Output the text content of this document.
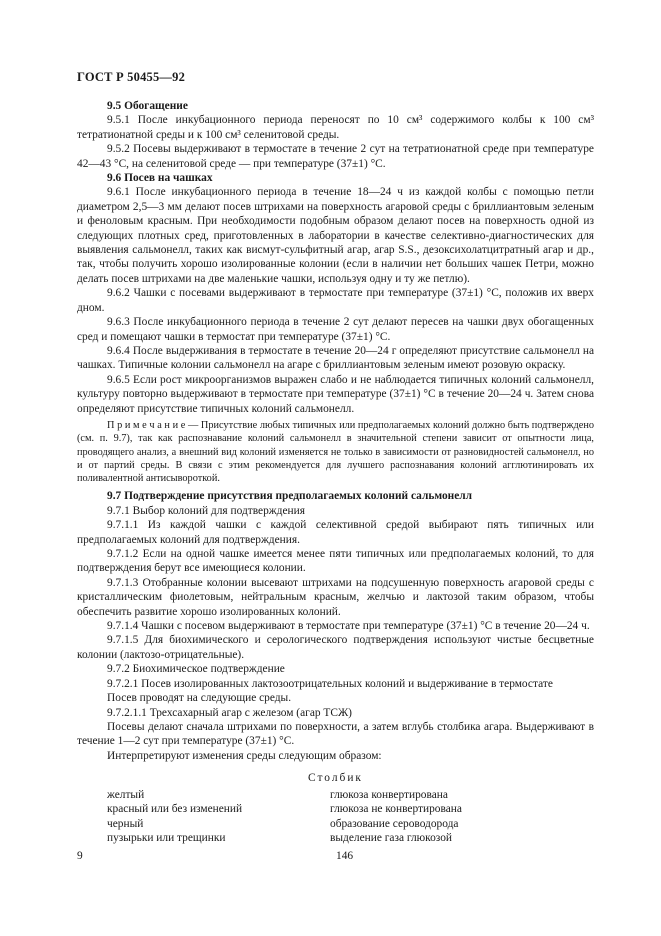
ГОСТ Р 50455—92

9.5 Обогащение

9.5.1 После инкубационного периода переносят по 10 см³ содержимого колбы к 100 см³ тетратионатной среды и к 100 см³ селенитовой среды.

9.5.2 Посевы выдерживают в термостате в течение 2 сут на тетратионатной среде при температуре 42—43 °С, на селенитовой среде — при температуре (37±1) °С.

9.6 Посев на чашках

9.6.1 После инкубационного периода в течение 18—24 ч из каждой колбы с помощью петли диаметром 2,5—3 мм делают посев штрихами на поверхность агаровой среды с бриллиантовым зеленым и феноловым красным. При необходимости подобным образом делают посев на поверхность одной из следующих плотных сред, приготовленных в лаборатории в качестве селективно-диагностических для выявления сальмонелл, таких как висмут-сульфитный агар, агар S.S., дезоксихолатцитратный агар и др., так, чтобы получить хорошо изолированные колонии (если в наличии нет больших чашек Петри, можно делать посев штрихами на две маленькие чашки, используя одну и ту же петлю).

9.6.2 Чашки с посевами выдерживают в термостате при температуре (37±1) °С, положив их вверх дном.

9.6.3 После инкубационного периода в течение 2 сут делают пересев на чашки двух обогащенных сред и помещают чашки в термостат при температуре (37±1) °С.

9.6.4 После выдерживания в термостате в течение 20—24 г определяют присутствие сальмонелл на чашках. Типичные колонии сальмонелл на агаре с бриллиантовым зеленым имеют розовую окраску.

9.6.5 Если рост микроорганизмов выражен слабо и не наблюдается типичных колоний сальмонелл, культуру повторно выдерживают в термостате при температуре (37±1) °С в течение 20—24 ч. Затем снова определяют присутствие типичных колоний сальмонелл.

П р и м е ч а н и е — Присутствие любых типичных или предполагаемых колоний должно быть подтверждено (см. п. 9.7), так как распознавание колоний сальмонелл в значительной степени зависит от опытности лица, проводящего анализ, а внешний вид колоний изменяется не только в зависимости от разновидностей сальмонелл, но и от партий среды. В связи с этим рекомендуется для лучшего распознавания колоний агглютинировать их поливалентной антисывороткой.

9.7 Подтверждение присутствия предполагаемых колоний сальмонелл

9.7.1 Выбор колоний для подтверждения

9.7.1.1 Из каждой чашки с каждой селективной средой выбирают пять типичных или предполагаемых колоний для подтверждения.

9.7.1.2 Если на одной чашке имеется менее пяти типичных или предполагаемых колоний, то для подтверждения берут все имеющиеся колонии.

9.7.1.3 Отобранные колонии высевают штрихами на подсушенную поверхность агаровой среды с кристаллическим фиолетовым, нейтральным красным, желчью и лактозой таким образом, чтобы обеспечить развитие хорошо изолированных колоний.

9.7.1.4 Чашки с посевом выдерживают в термостате при температуре (37±1) °С в течение 20—24 ч.

9.7.1.5 Для биохимического и серологического подтверждения используют чистые бесцветные колонии (лактозо-отрицательные).

9.7.2 Биохимическое подтверждение

9.7.2.1 Посев изолированных лактозоотрицательных колоний и выдерживание в термостате

Посев проводят на следующие среды.

9.7.2.1.1 Трехсахарный агар с железом (агар ТСЖ)

Посевы делают сначала штрихами по поверхности, а затем вглубь столбика агара. Выдерживают в течение 1—2 сут при температуре (37±1) °С.

Интерпретируют изменения среды следующим образом:

Столбик

желтый	глюкоза конвертирована
красный или без изменений	глюкоза не конвертирована
черный	образование сероводорода
пузырьки или трещинки	выделение газа глюкозой
9	146
